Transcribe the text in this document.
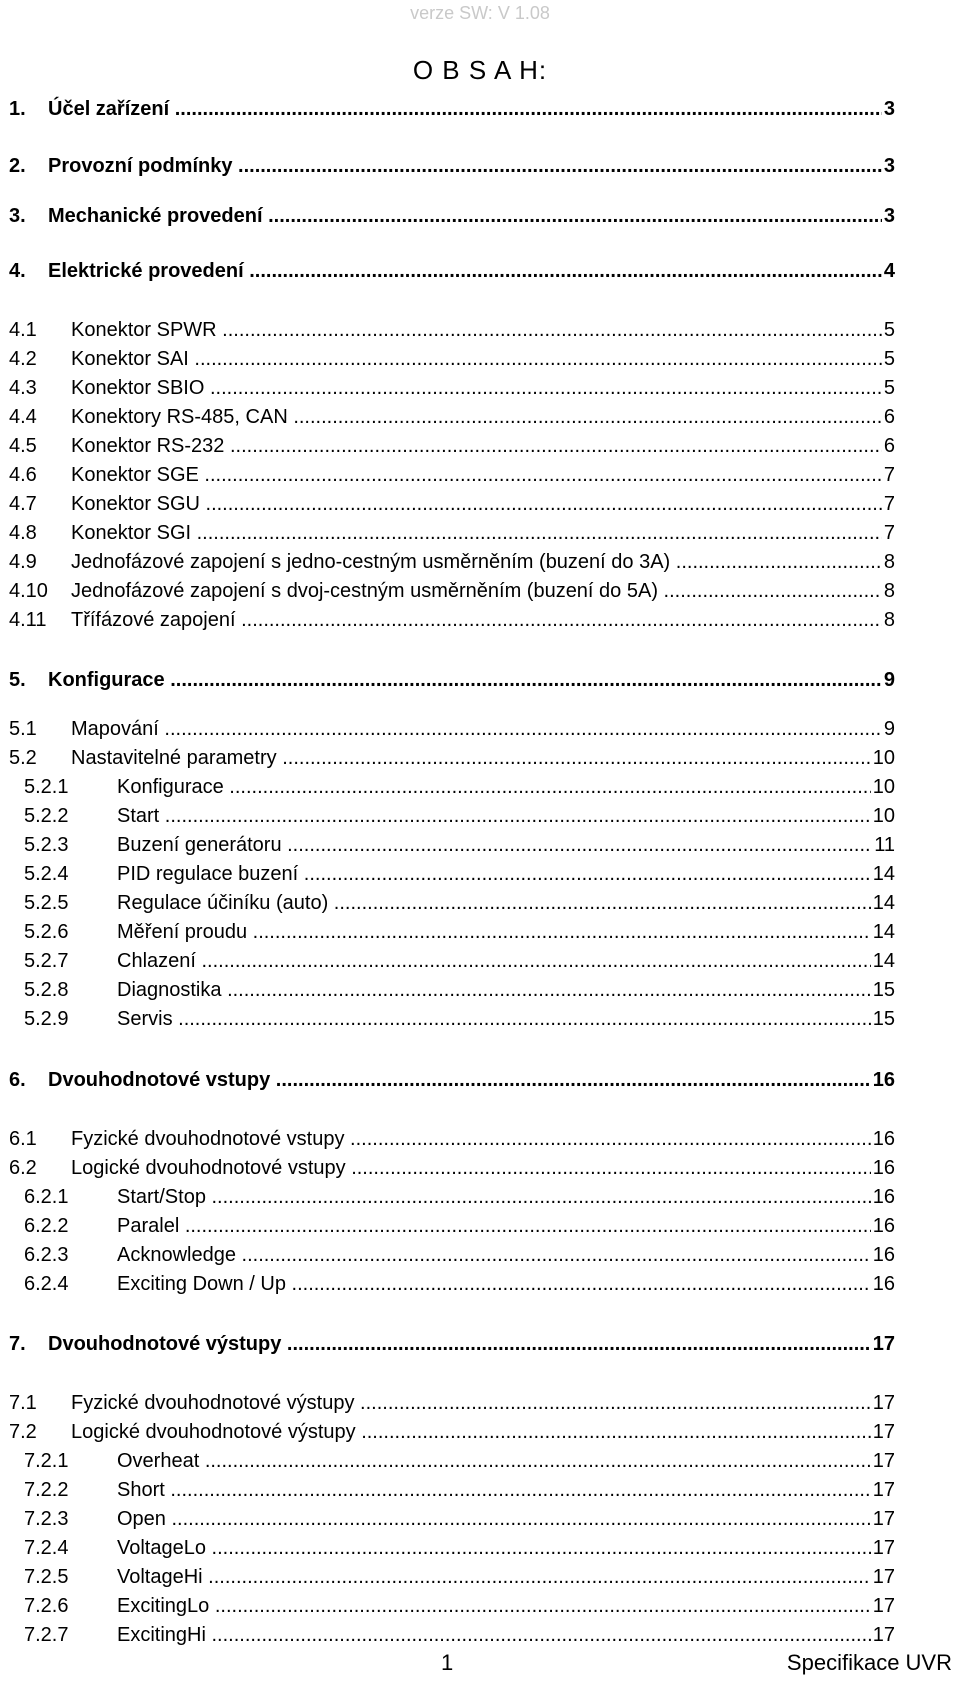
verze SW: V 1.08
O B S A H:
1. Účel zařízení .....	3
2. Provozní podmínky .....	3
3. Mechanické provedení .....	3
4. Elektrické provedení .....	4
4.1 Konektor SPWR .....	5
4.2 Konektor SAI .....	5
4.3 Konektor SBIO .....	5
4.4 Konektory RS-485, CAN .....	6
4.5 Konektor RS-232 .....	6
4.6 Konektor SGE .....	7
4.7 Konektor SGU .....	7
4.8 Konektor SGI .....	7
4.9 Jednofázové zapojení s jedno-cestným usměrněním (buzení do 3A) .....	8
4.10 Jednofázové zapojení s dvoj-cestným usměrněním (buzení do 5A) .....	8
4.11 Třífázové zapojení .....	8
5. Konfigurace .....	9
5.1 Mapování .....	9
5.2 Nastavitelné parametry .....	10
5.2.1 Konfigurace .....	10
5.2.2 Start .....	10
5.2.3 Buzení generátoru .....	11
5.2.4 PID regulace buzení .....	14
5.2.5 Regulace účiníku (auto) .....	14
5.2.6 Měření proudu .....	14
5.2.7 Chlazení .....	14
5.2.8 Diagnostika .....	15
5.2.9 Servis .....	15
6. Dvouhodnotové vstupy .....	16
6.1 Fyzické dvouhodnotové vstupy .....	16
6.2 Logické dvouhodnotové vstupy .....	16
6.2.1 Start/Stop .....	16
6.2.2 Paralel .....	16
6.2.3 Acknowledge .....	16
6.2.4 Exciting Down / Up .....	16
7. Dvouhodnotové výstupy .....	17
7.1 Fyzické dvouhodnotové výstupy .....	17
7.2 Logické dvouhodnotové výstupy .....	17
7.2.1 Overheat .....	17
7.2.2 Short .....	17
7.2.3 Open .....	17
7.2.4 VoltageLo .....	17
7.2.5 VoltageHi .....	17
7.2.6 ExcitingLo .....	17
7.2.7 ExcitingHi .....	17
1	Specifikace UVR
